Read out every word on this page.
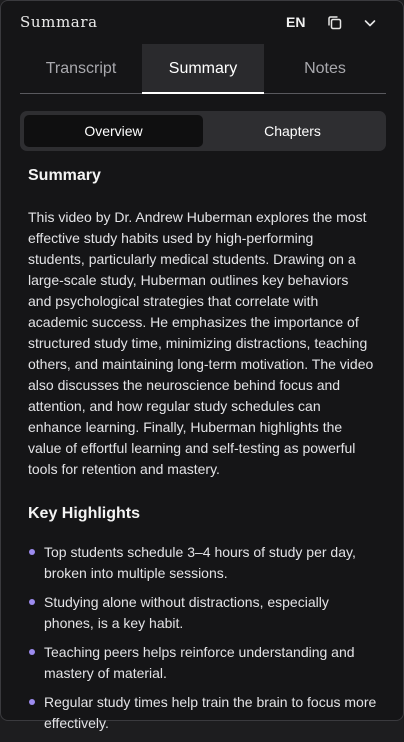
Summara	EN
Transcript	Summary	Notes
Overview	Chapters
Summary

This video by Dr. Andrew Huberman explores the most effective study habits used by high-performing students, particularly medical students. Drawing on a large-scale study, Huberman outlines key behaviors and psychological strategies that correlate with academic success. He emphasizes the importance of structured study time, minimizing distractions, teaching others, and maintaining long-term motivation. The video also discusses the neuroscience behind focus and attention, and how regular study schedules can enhance learning. Finally, Huberman highlights the value of effortful learning and self-testing as powerful tools for retention and mastery.

Key Highlights
Top students schedule 3–4 hours of study per day, broken into multiple sessions.
Studying alone without distractions, especially phones, is a key habit.
Teaching peers helps reinforce understanding and mastery of material.
Regular study times help train the brain to focus more effectively.
